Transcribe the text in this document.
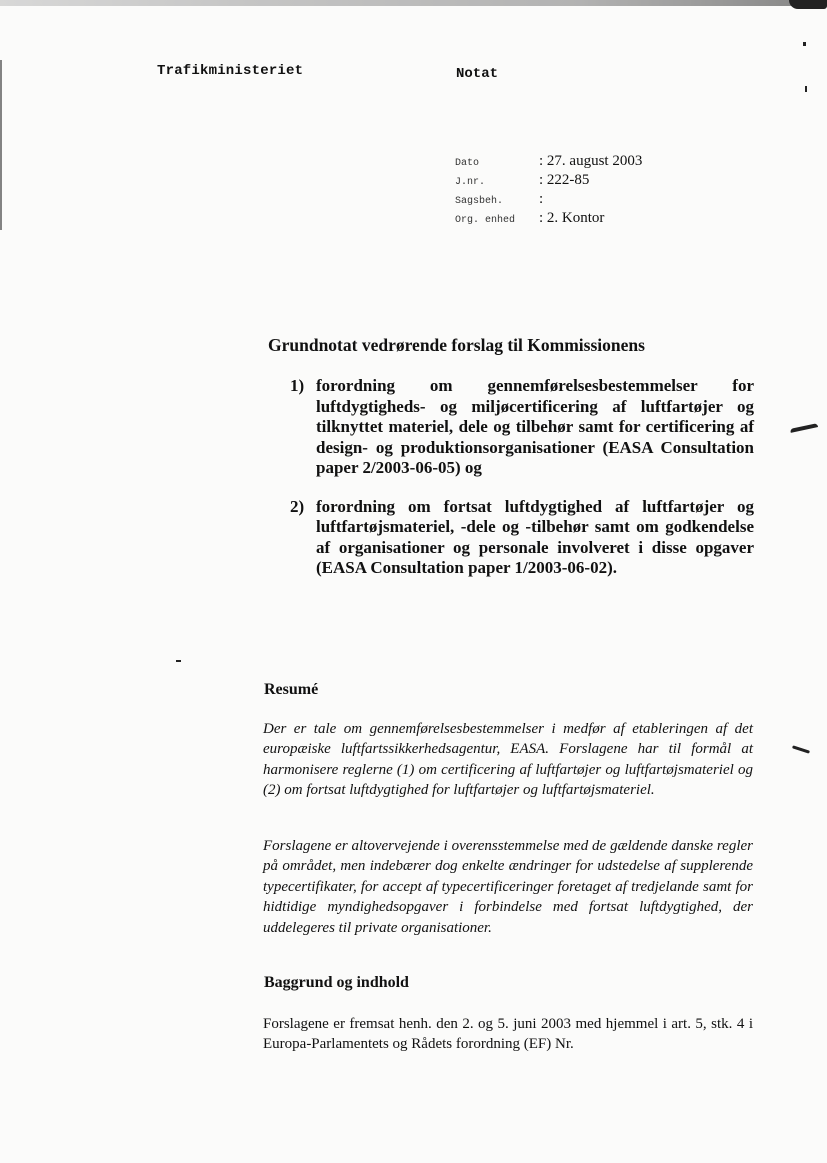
Trafikministeriet	Notat
Dato	: 27. august 2003
J.nr.	: 222-85
Sagsbeh.	:
Org. enhed	: 2. Kontor
Grundnotat vedrørende forslag til Kommissionens
1) forordning om gennemførelsesbestemmelser for luftdygtigheds- og miljøcertificering af luftfartøjer og tilknyttet materiel, dele og tilbehør samt for certificering af design- og produktionsorganisationer (EASA Consultation paper 2/2003-06-05) og
2) forordning om fortsat luftdygtighed af luftfartøjer og luftfartøjsmateriel, -dele og -tilbehør samt om godkendelse af organisationer og personale involveret i disse opgaver (EASA Consultation paper 1/2003-06-02).
Resumé
Der er tale om gennemførelsesbestemmelser i medfør af etableringen af det europæiske luftfartssikkerhedsagentur, EASA. Forslagene har til formål at harmonisere reglerne (1) om certificering af luftfartøjer og luftfartøjsmateriel og (2) om fortsat luftdygtighed for luftfartøjer og luftfartøjsmateriel.
Forslagene er altovervejende i overensstemmelse med de gældende danske regler på området, men indebærer dog enkelte ændringer for udstedelse af supplerende typecertifikater, for accept af typecertificeringer foretaget af tredjelande samt for hidtidige myndighedsopgaver i forbindelse med fortsat luftdygtighed, der uddelegeres til private organisationer.
Baggrund og indhold
Forslagene er fremsat henh. den 2. og 5. juni 2003 med hjemmel i art. 5, stk. 4 i Europa-Parlamentets og Rådets forordning (EF) Nr.
